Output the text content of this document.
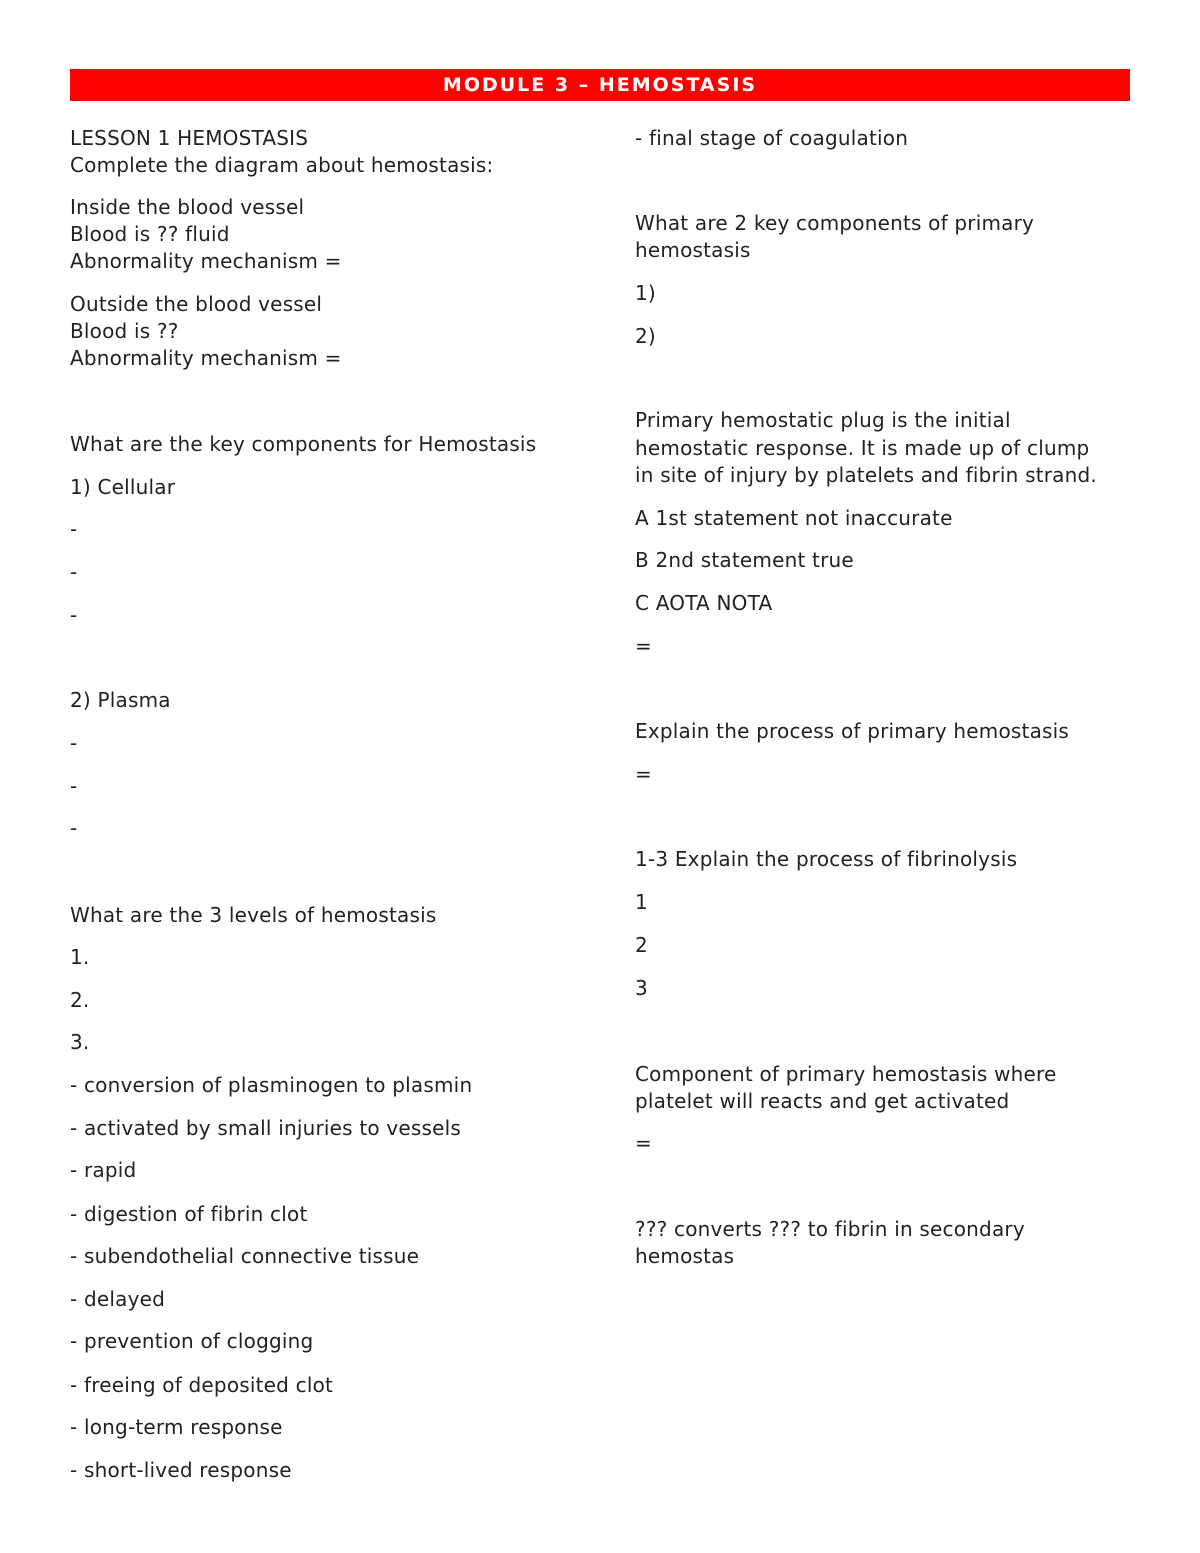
MODULE 3 – HEMOSTASIS
LESSON 1 HEMOSTASIS
Complete the diagram about hemostasis:
Inside the blood vessel
Blood is ?? fluid
Abnormality mechanism =
Outside the blood vessel
Blood is ??
Abnormality mechanism =
What are the key components for Hemostasis
1) Cellular
-
-
-
2) Plasma
-
-
-
What are the 3 levels of hemostasis
1.
2.
3.
- conversion of plasminogen to plasmin
- activated by small injuries to vessels
- rapid
- digestion of fibrin clot
- subendothelial connective tissue
- delayed
- prevention of clogging
- freeing of deposited clot
- long-term response
- short-lived response
- final stage of coagulation
What are 2 key components of primary
hemostasis
1)
2)
Primary hemostatic plug is the initial
hemostatic response. It is made up of clump
in site of injury by platelets and fibrin strand.
A 1st statement not inaccurate
B 2nd statement true
C AOTA NOTA
=
Explain the process of primary hemostasis
=
1-3 Explain the process of fibrinolysis
1
2
3
Component of primary hemostasis where
platelet will reacts and get activated
=
??? converts ??? to fibrin in secondary
hemostas
